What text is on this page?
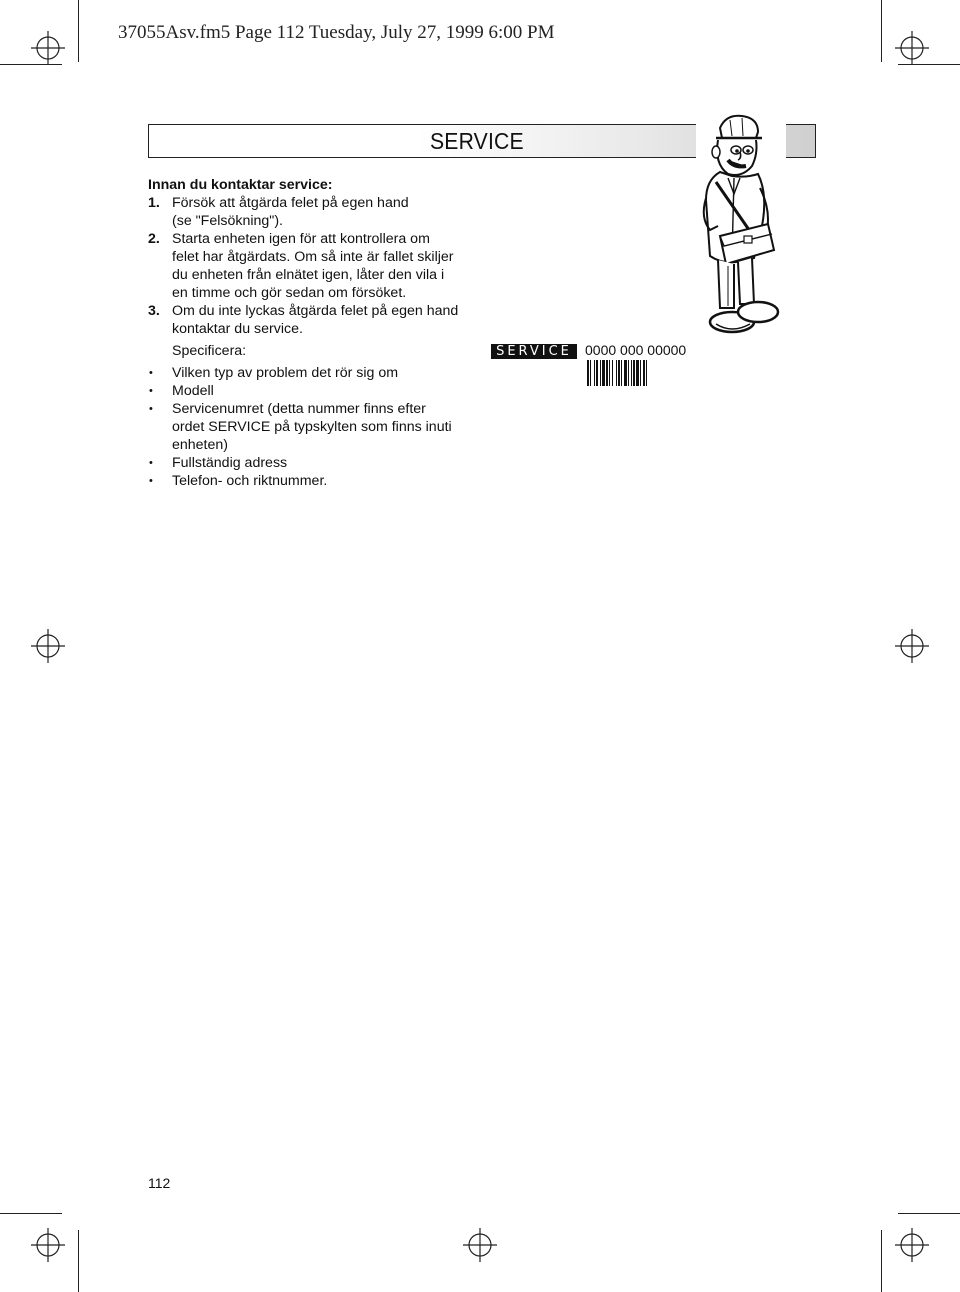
37055Asv.fm5 Page 112 Tuesday, July 27, 1999 6:00 PM
SERVICE
Innan du kontaktar service:
1. Försök att åtgärda felet på egen hand
(se "Felsökning").
2. Starta enheten igen för att kontrollera om
felet har åtgärdats. Om så inte är fallet skiljer
du enheten från elnätet igen, låter den vila i
en timme och gör sedan om försöket.
3. Om du inte lyckas åtgärda felet på egen hand
kontaktar du service.
Specificera:
• Vilken typ av problem det rör sig om
• Modell
• Servicenumret (detta nummer finns efter
ordet SERVICE på typskylten som finns inuti
enheten)
• Fullständig adress
• Telefon- och riktnummer.
SERVICE 0000 000 00000
112
